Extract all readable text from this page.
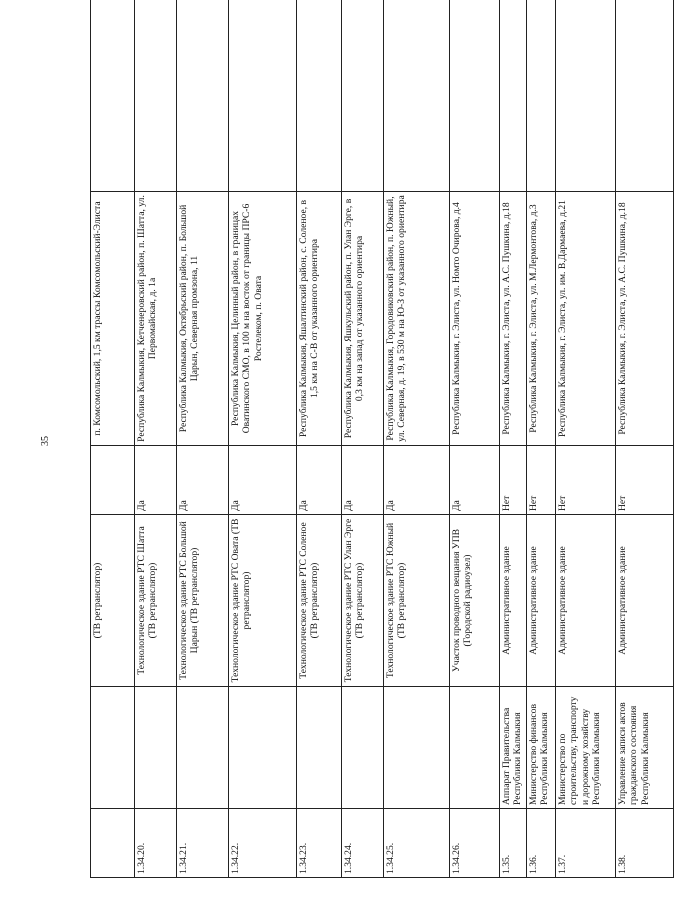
35
		(ТВ ретранслятор)		п. Комсомольский, 1,5 км трассы Комсомольский-Элиста	
1.34.20.		Технологическое здание РТС Шатта (ТВ ретранслятор)	Да	Республика Калмыкия, Кетченеровский район, п. Шатта, ул. Первомайская, д. 1а	
1.34.21.		Технологическое здание РТС Большой Царын (ТВ ретранслятор)	Да	Республика Калмыкия, Октябрьский район, п. Большой Царын, Северная промзона, 11	
1.34.22.		Технологическое здание РТС Овата (ТВ ретранслятор)	Да	Республика Калмыкия, Целинный район, в границах Оватинского СМО, в 100 м на восток от границы ПРС-6 Ростелеком, п. Овата	
1.34.23.		Технологическое здание РТС Соленое (ТВ ретранслятор)	Да	Республика Калмыкия, Яшалтинский район, с. Соленое, в 1,5 км на С-В от указанного ориентира	
1.34.24.		Технологическое здание РТС Улан Эрге (ТВ ретранслятор)	Да	Республика Калмыкия, Яшкульский район, п. Улан Эрге, в 0,3 км на запад от указанного ориентира	
1.34.25.		Технологическое здание РТС Южный (ТВ ретранслятор)	Да	Республика Калмыкия, Городовиковский район, п. Южный, ул. Северная, д. 19, в 530 м на Ю-З от указанного ориентира	
1.34.26.		Участок проводного вещания УПВ (Городской радиоузел)	Да	Республика Калмыкия, г. Элиста, ул. Номто Очирова, д.4	
1.35.	Аппарат Правительства Республики Калмыкия	Административное здание	Нет	Республика Калмыкия, г. Элиста, ул. А.С. Пушкина, д.18	
1.36.	Министерство финансов Республики Калмыкия	Административное здание	Нет	Республика Калмыкия, г. Элиста, ул. М.Лермонтова, д.3	
1.37.	Министерство по строительству, транспорту и дорожному хозяйству Республики Калмыкия	Административное здание	Нет	Республика Калмыкия, г. Элиста, ул. им. В.Дармаева, д.21	
1.38.	Управление записи актов гражданского состояния Республики Калмыкия	Административное здание	Нет	Республика Калмыкия, г. Элиста, ул. А.С. Пушкина, д.18	
